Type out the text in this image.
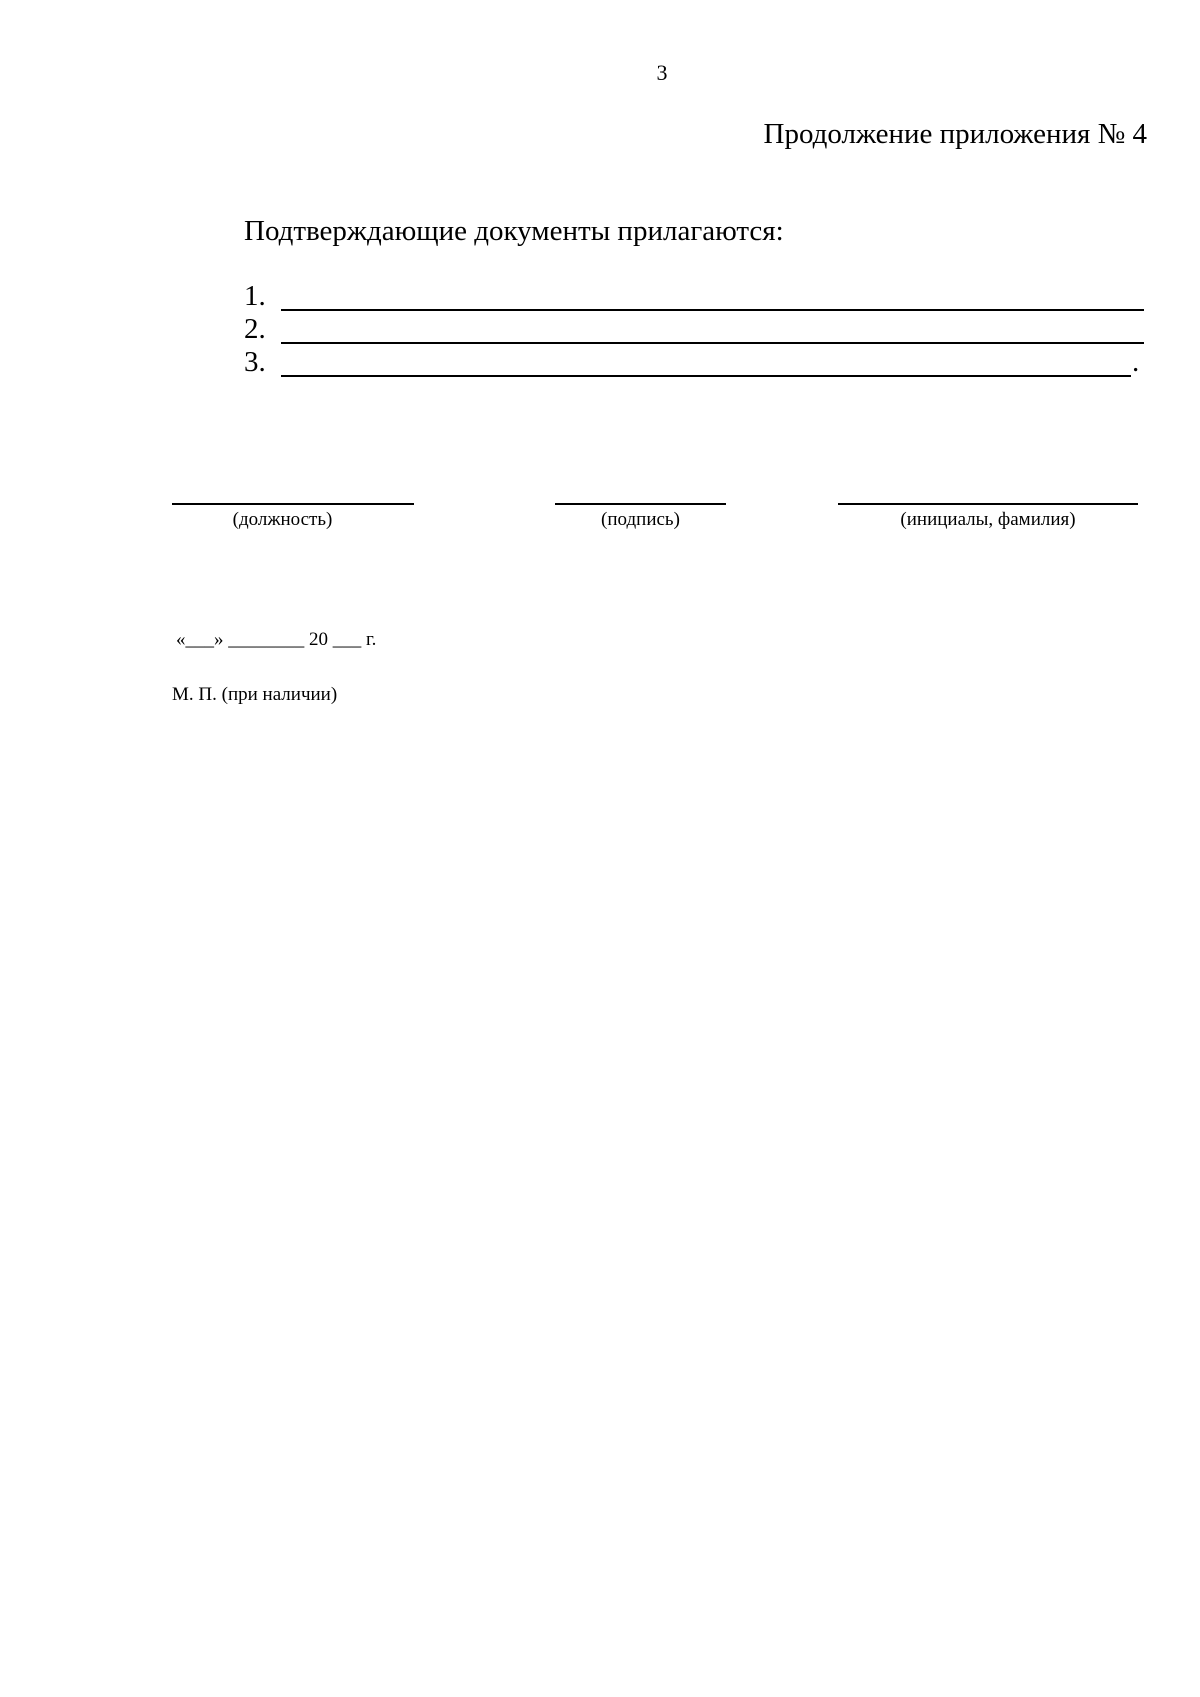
3
Продолжение приложения № 4
Подтверждающие документы прилагаются:
1.
2.
3.	.
(должность)	(подпись)	(инициалы, фамилия)
«___» ________ 20 ___ г.
М. П. (при наличии)
